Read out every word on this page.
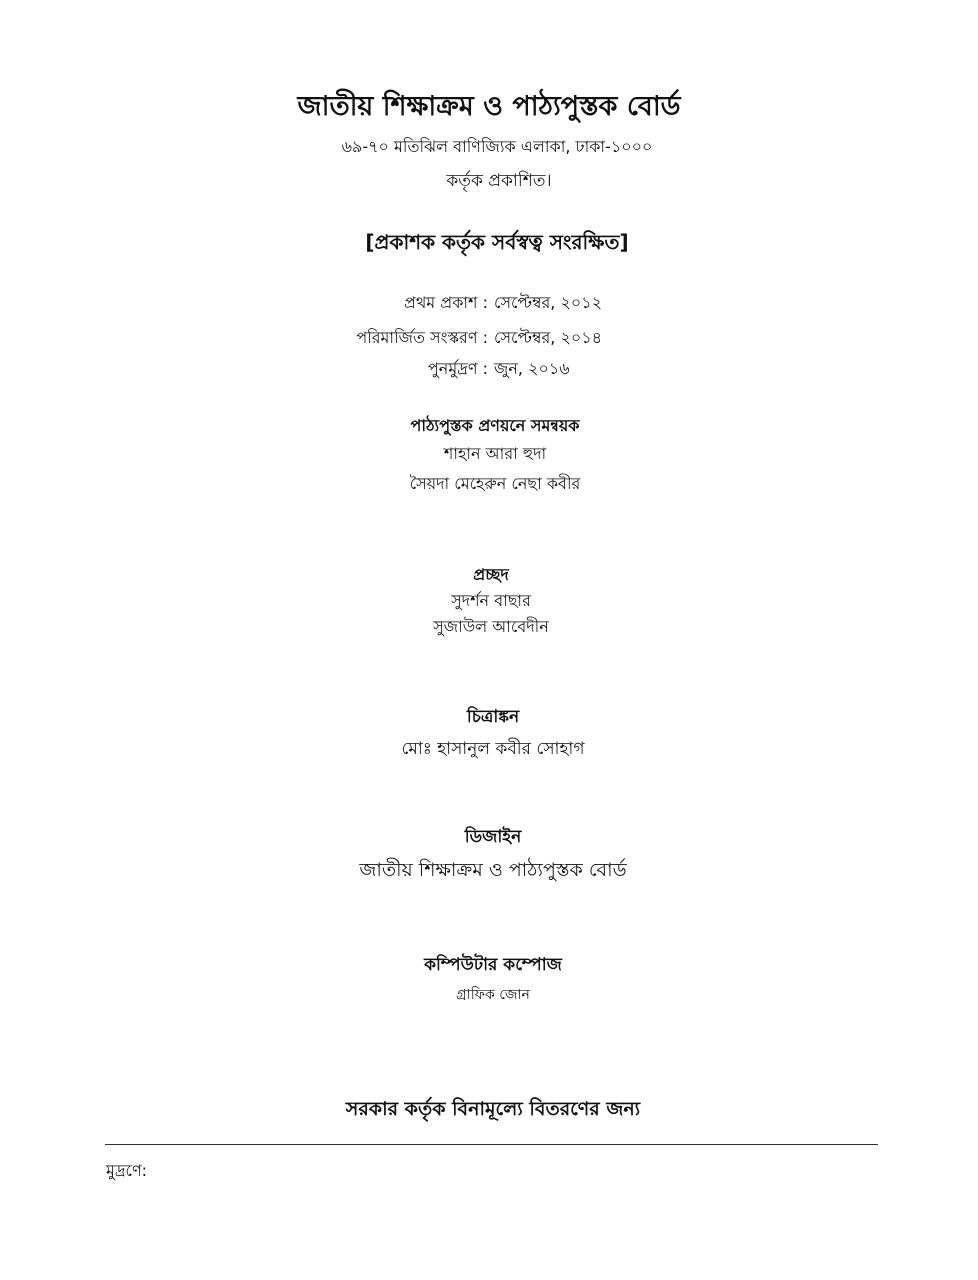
জাতীয় শিক্ষাক্রম ও পাঠ্যপুস্তক বোর্ড
৬৯-৭০ মতিঝিল বাণিজ্যিক এলাকা, ঢাকা-১০০০
কর্তৃক প্রকাশিত।
[প্রকাশক কর্তৃক সর্বস্বত্ব সংরক্ষিত]
প্রথম প্রকাশ : সেপ্টেম্বর, ২০১২
পরিমার্জিত সংস্করণ : সেপ্টেম্বর, ২০১৪
পুনর্মুদ্রণ : জুন, ২০১৬
পাঠ্যপুস্তক প্রণয়নে সমন্বয়ক
শাহান আরা হুদা
সৈয়দা মেহেরুন নেছা কবীর
প্রচ্ছদ
সুদর্শন বাছার
সুজাউল আবেদীন
চিত্রাঙ্কন
মোঃ হাসানুল কবীর সোহাগ
ডিজাইন
জাতীয় শিক্ষাক্রম ও পাঠ্যপুস্তক বোর্ড
কম্পিউটার কম্পোজ
গ্রাফিক জোন
সরকার কর্তৃক বিনামূল্যে বিতরণের জন্য
মুদ্রণে:
